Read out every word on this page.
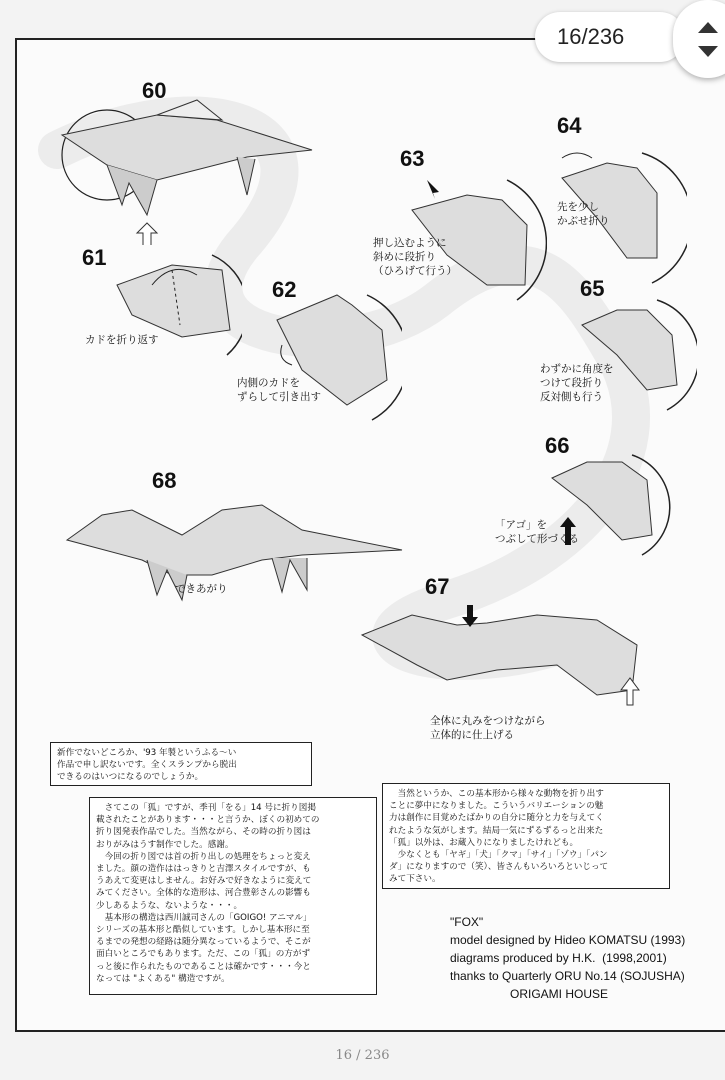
60
61
カドを折り返す
62
内側のカドを
ずらして引き出す
63
押し込むように
斜めに段折り
（ひろげて行う）
64
先を少し
かぶせ折り
65
わずかに角度を
つけて段折り
反対側も行う
66
「アゴ」を
つぶして形づくる
67
全体に丸みをつけながら
立体的に仕上げる
68
できあがり
新作でないどころか、'93 年製というふる～い
作品で申し訳ないです。全くスランプから脱出
できるのはいつになるのでしょうか。
　さてこの「狐」ですが、季刊「をる」14 号に折り図掲
載されたことがあります・・・と言うか、ぼくの初めての
折り図発表作品でした。当然ながら、その時の折り図は
おりがみはうす制作でした。感謝。
　今回の折り図では首の折り出しの処理をちょっと変え
ました。顔の造作ははっきりと吉澤スタイルですが、も
うあえて変更はしません。お好みで好きなように変えて
みてください。全体的な造形は、河合豊彰さんの影響も
少しあるような、ないような・・・。
　基本形の構造は西川誠司さんの「GOIGO! アニマル」
シリーズの基本形と酷似しています。しかし基本形に至
るまでの発想の経路は随分異なっているようで、そこが
面白いところでもあります。ただ、この「狐」の方がず
っと後に作られたものであることは確かです・・・今と
なっては "よくある" 構造ですが。
　当然というか、この基本形から様々な動物を折り出す
ことに夢中になりました。こういうバリエーションの魅
力は創作に目覚めたばかりの自分に随分と力を与えてく
れたような気がします。結局一気にずるずるっと出来た
「狐」以外は、お蔵入りになりましたけれども。
　少なくとも「ヤギ」「犬」「クマ」「サイ」「ゾウ」「パン
ダ」になりますので（笑）、皆さんもいろいろといじって
みて下さい。
"FOX"
model designed by Hideo KOMATSU (1993)
diagrams produced by H.K.  (1998,2001)
thanks to Quarterly ORU No.14 (SOJUSHA)
ORIGAMI HOUSE
16/236
16 / 236
